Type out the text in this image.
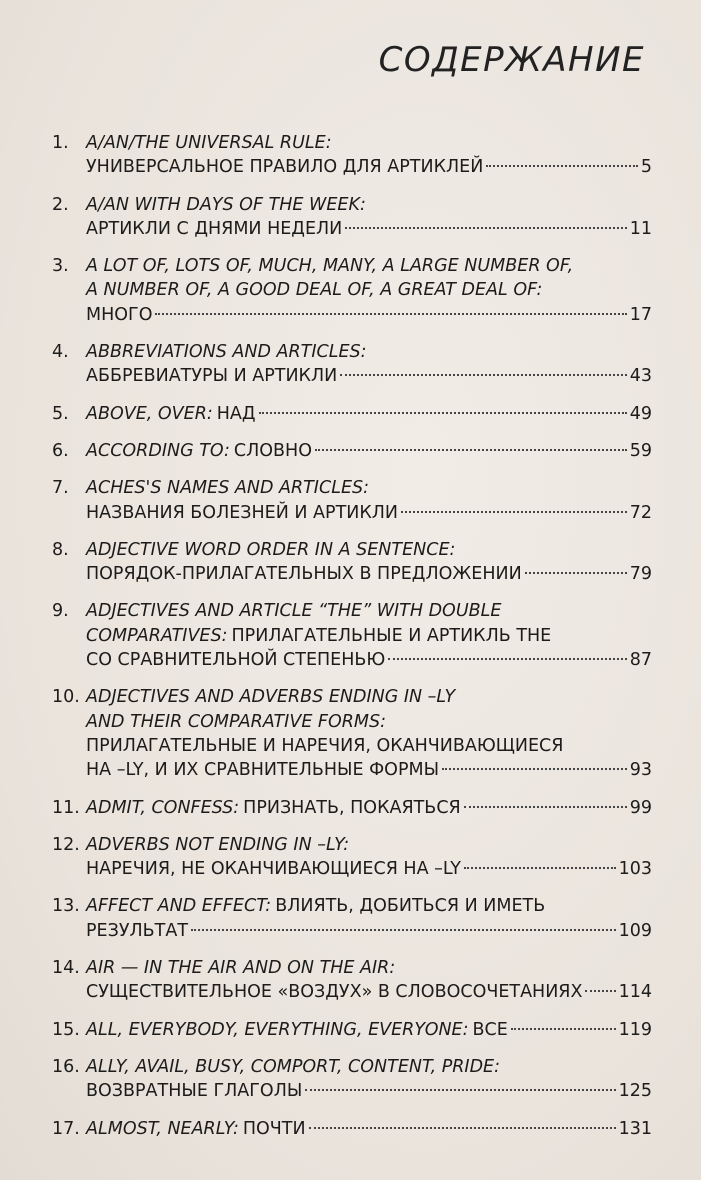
СОДЕРЖАНИЕ
1. A/AN/THE UNIVERSAL RULE:
УНИВЕРСАЛЬНОЕ ПРАВИЛО ДЛЯ АРТИКЛЕЙ	5
2. A/AN WITH DAYS OF THE WEEK:
АРТИКЛИ С ДНЯМИ НЕДЕЛИ	11
3. A LOT OF, LOTS OF, MUCH, MANY, A LARGE NUMBER OF,
A NUMBER OF, A GOOD DEAL OF, A GREAT DEAL OF:
МНОГО	17
4. ABBREVIATIONS AND ARTICLES:
АББРЕВИАТУРЫ И АРТИКЛИ	43
5. ABOVE, OVER: НАД	49
6. ACCORDING TO: СЛОВНО	59
7. ACHES'S NAMES AND ARTICLES:
НАЗВАНИЯ БОЛЕЗНЕЙ И АРТИКЛИ	72
8. ADJECTIVE WORD ORDER IN A SENTENCE:
ПОРЯДОК-ПРИЛАГАТЕЛЬНЫХ В ПРЕДЛОЖЕНИИ	79
9. ADJECTIVES AND ARTICLE “THE” WITH DOUBLE
COMPARATIVES: ПРИЛАГАТЕЛЬНЫЕ И АРТИКЛЬ THE
СО СРАВНИТЕЛЬНОЙ СТЕПЕНЬЮ	87
10. ADJECTIVES AND ADVERBS ENDING IN –LY
AND THEIR COMPARATIVE FORMS:
ПРИЛАГАТЕЛЬНЫЕ И НАРЕЧИЯ, ОКАНЧИВАЮЩИЕСЯ
НА –LY, И ИХ СРАВНИТЕЛЬНЫЕ ФОРМЫ	93
11. ADMIT, CONFESS: ПРИЗНАТЬ, ПОКАЯТЬСЯ	99
12. ADVERBS NOT ENDING IN –LY:
НАРЕЧИЯ, НЕ ОКАНЧИВАЮЩИЕСЯ НА –LY	103
13. AFFECT AND EFFECT: ВЛИЯТЬ, ДОБИТЬСЯ И ИМЕТЬ
РЕЗУЛЬТАТ	109
14. AIR — IN THE AIR AND ON THE AIR:
СУЩЕСТВИТЕЛЬНОЕ «ВОЗДУХ» В СЛОВОСОЧЕТАНИЯХ 114
15. ALL, EVERYBODY, EVERYTHING, EVERYONE: ВСЕ	119
16. ALLY, AVAIL, BUSY, COMPORT, CONTENT, PRIDE:
ВОЗВРАТНЫЕ ГЛАГОЛЫ	125
17. ALMOST, NEARLY: ПОЧТИ	131
